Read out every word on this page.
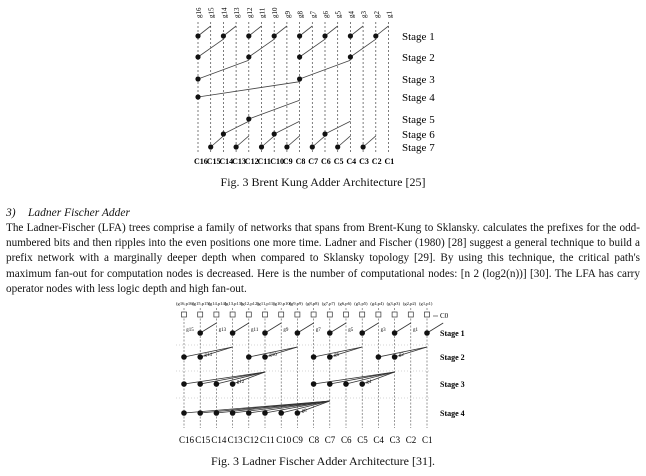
g16 g15 g14 g13 g12 g11 g10 g9 g8 g7 g6 g5 g4 g3 g2 g1
Stage 1
Stage 2
Stage 3
Stage 4
Stage 5
Stage 6
Stage 7
C16
C15
C14
C13
C12
C11 C10
C9 C8 C7 C6 C5 C4 C3 C2 C1
Fig. 3 Brent Kung Adder Architecture [25]
3) Ladner Fischer Adder
The Ladner-Fischer (LFA) trees comprise a family of networks that spans from Brent-Kung to Sklansky. calculates the prefixes for the odd-numbered bits and then ripples into the even positions one more time. Ladner and Fischer (1980) [28] suggest a general technique to build a prefix network with a marginally deeper depth when compared to Sklansky topology [29]. By using this technique, the critical path's maximum fan-out for computation nodes is decreased. Here is the number of computational nodes: [n 2 (log2(n))] [30]. The LFA has carry operator nodes with less logic depth and high fan-out.
(g16,p16)
(g15,p15)
(g14,p14)
(g13,p13)
(g12,p12)
(g11,p11)
(g10,p10)
(g9,p9) (g8,p8) (g7,p7) (g6,p6) (g5,p5) (g4,p4) (g3,p3) (g2,p2) (g1,p1)
C0
g15	g13	g11	g9	g7	g5	g3	g1
g14	g10	g6	g2
g12	g4
g8
Stage 1
Stage 2
Stage 3
Stage 4
C16 C15 C14 C13 C12 C11 C10 C9 C8 C7 C6 C5 C4 C3 C2 C1
Fig. 3 Ladner Fischer Adder Architecture [31].
